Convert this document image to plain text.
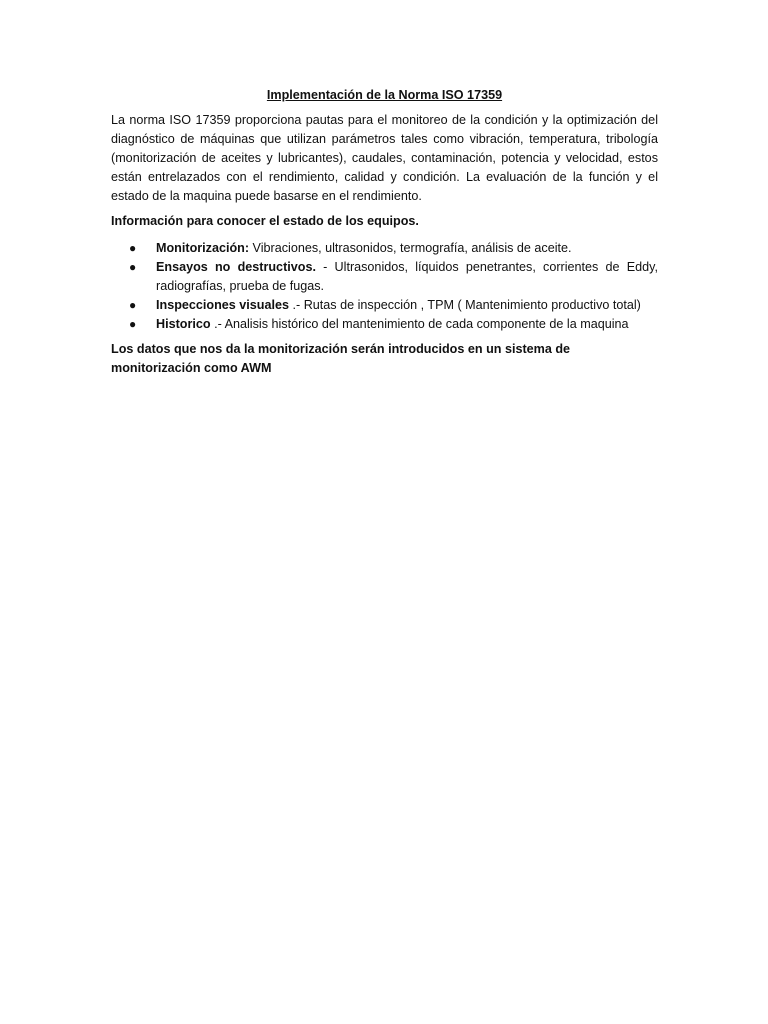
Implementación de la Norma ISO 17359

La norma ISO 17359 proporciona pautas para el monitoreo de la condición y la optimización del diagnóstico de máquinas que utilizan parámetros tales como vibración, temperatura, tribología (monitorización de aceites y lubricantes), caudales, contaminación, potencia y velocidad, estos están entrelazados con el rendimiento, calidad y condición. La evaluación de la función y el estado de la maquina puede basarse en el rendimiento.

Información para conocer el estado de los equipos.

● Monitorización: Vibraciones, ultrasonidos, termografía, análisis de aceite.
● Ensayos no destructivos. - Ultrasonidos, líquidos penetrantes, corrientes de Eddy, radiografías, prueba de fugas.
● Inspecciones visuales .- Rutas de inspección , TPM ( Mantenimiento productivo total)
● Historico .- Analisis histórico del mantenimiento de cada componente de la maquina

Los datos que nos da la monitorización serán introducidos en un sistema de monitorización como AWM
